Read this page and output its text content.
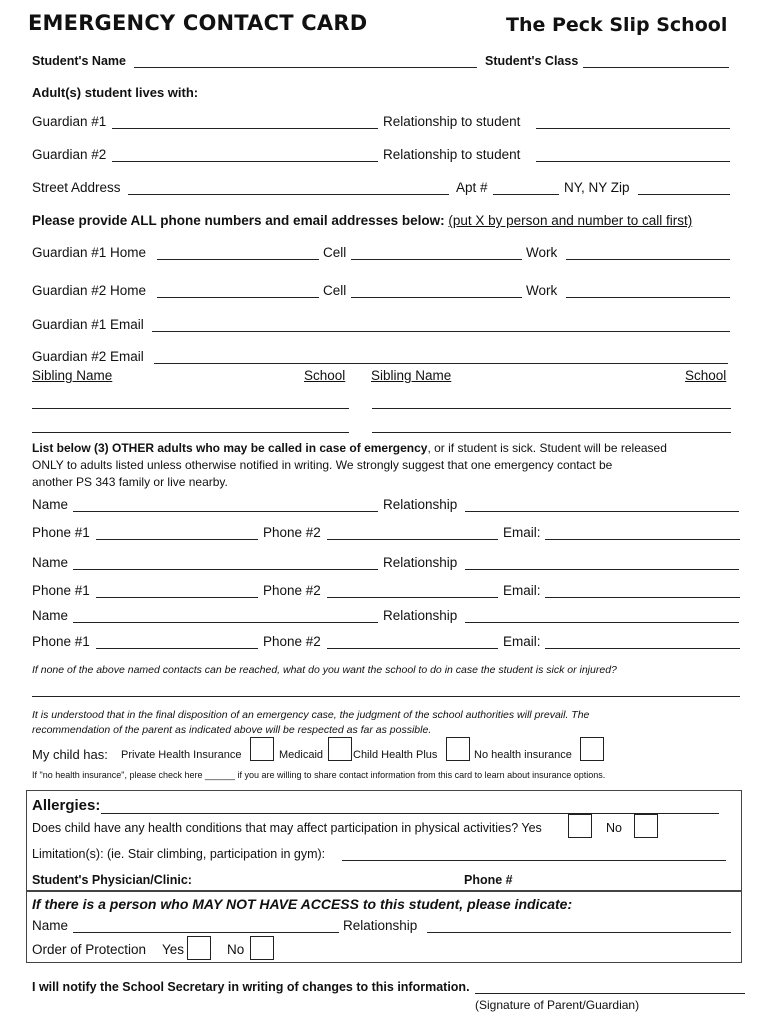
EMERGENCY CONTACT CARD	The Peck Slip School
Student's Name	Student's Class
Adult(s) student lives with:
Guardian #1	Relationship to student
Guardian #2	Relationship to student
Street Address	Apt #	NY, NY Zip
Please provide ALL phone numbers and email addresses below: (put X by person and number to call first)
Guardian #1 Home	Cell	Work
Guardian #2 Home	Cell	Work
Guardian #1 Email
Guardian #2 Email
Sibling Name	School Sibling Name	School
List below (3) OTHER adults who may be called in case of emergency, or if student is sick. Student will be released
ONLY to adults listed unless otherwise notified in writing. We strongly suggest that one emergency contact be
another PS 343 family or live nearby.
Name	Relationship
Phone #1	Phone #2	Email:
Name	Relationship
Phone #1	Phone #2	Email:
Name	Relationship
Phone #1	Phone #2	Email:
If none of the above named contacts can be reached, what do you want the school to do in case the student is sick or injured?
It is understood that in the final disposition of an emergency case, the judgment of the school authorities will prevail. The
recommendation of the parent as indicated above will be respected as far as possible.
My child has: Private Health Insurance	Medicaid	Child Health Plus	No health insurance
If "no health insurance", please check here ______ if you are willing to share contact information from this card to learn about insurance options.
Allergies:
Does child have any health conditions that may affect participation in physical activities? Yes	No
Limitation(s): (ie. Stair climbing, participation in gym):
Student's Physician/Clinic:	Phone #
If there is a person who MAY NOT HAVE ACCESS to this student, please indicate:
Name	Relationship
Order of Protection Yes	No
I will notify the School Secretary in writing of changes to this information.
(Signature of Parent/Guardian)
